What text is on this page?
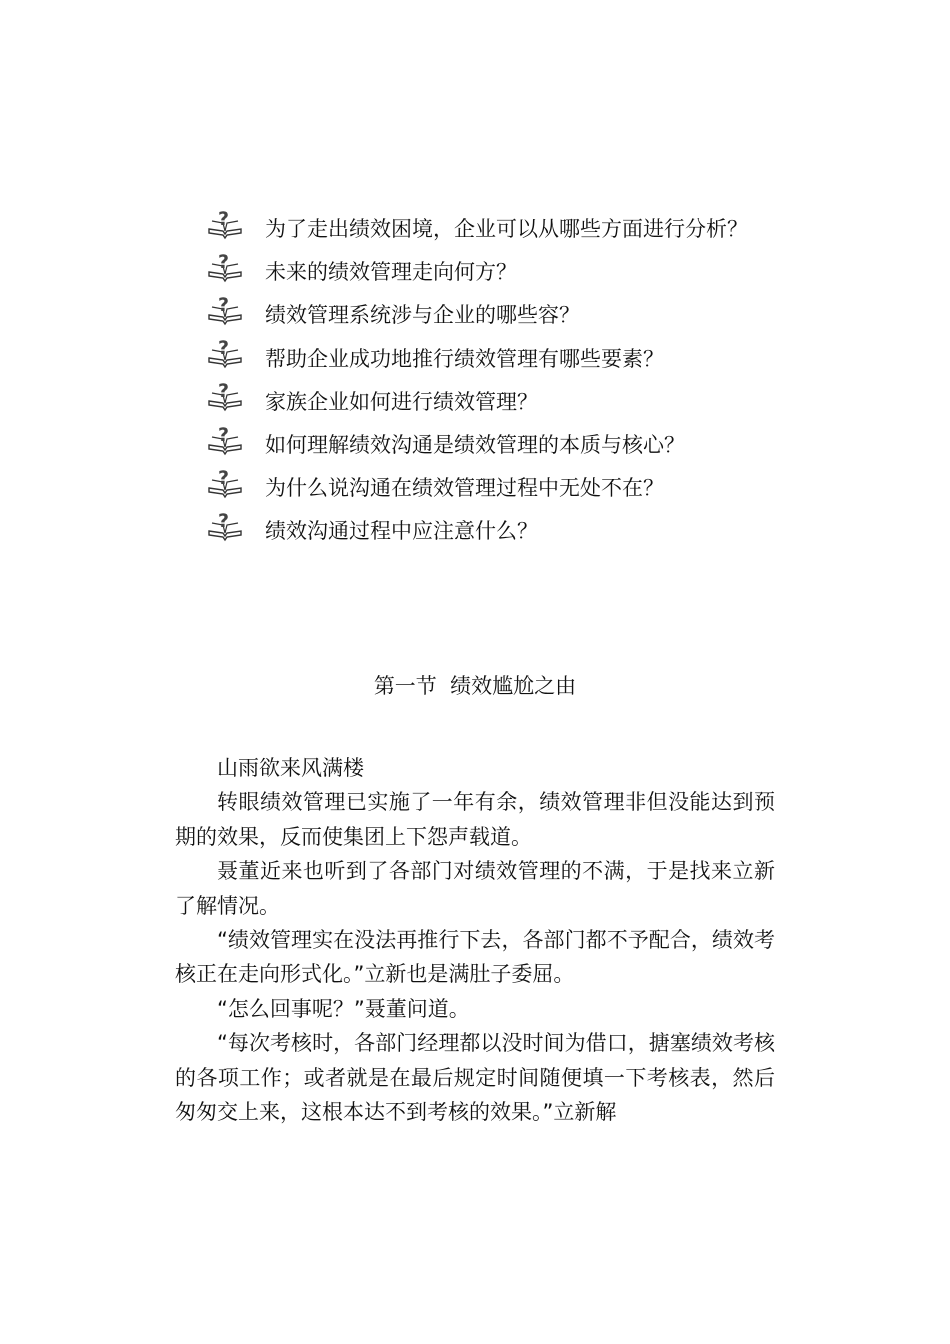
? 为了走出绩效困境，企业可以从哪些方面进行分析？
? 未来的绩效管理走向何方？
? 绩效管理系统涉与企业的哪些容？
? 帮助企业成功地推行绩效管理有哪些要素？
? 家族企业如何进行绩效管理？
? 如何理解绩效沟通是绩效管理的本质与核心？
? 为什么说沟通在绩效管理过程中无处不在？
? 绩效沟通过程中应注意什么？
第一节  绩效尴尬之由

山雨欲来风满楼

转眼绩效管理已实施了一年有余，绩效管理非但没能达到预期的效果，反而使集团上下怨声载道。

聂董近来也听到了各部门对绩效管理的不满，于是找来立新了解情况。

“绩效管理实在没法再推行下去，各部门都不予配合，绩效考核正在走向形式化。”立新也是满肚子委屈。

“怎么回事呢？”聂董问道。

“每次考核时，各部门经理都以没时间为借口，搪塞绩效考核的各项工作；或者就是在最后规定时间随便填一下考核表，然后匆匆交上来，这根本达不到考核的效果。”立新解
